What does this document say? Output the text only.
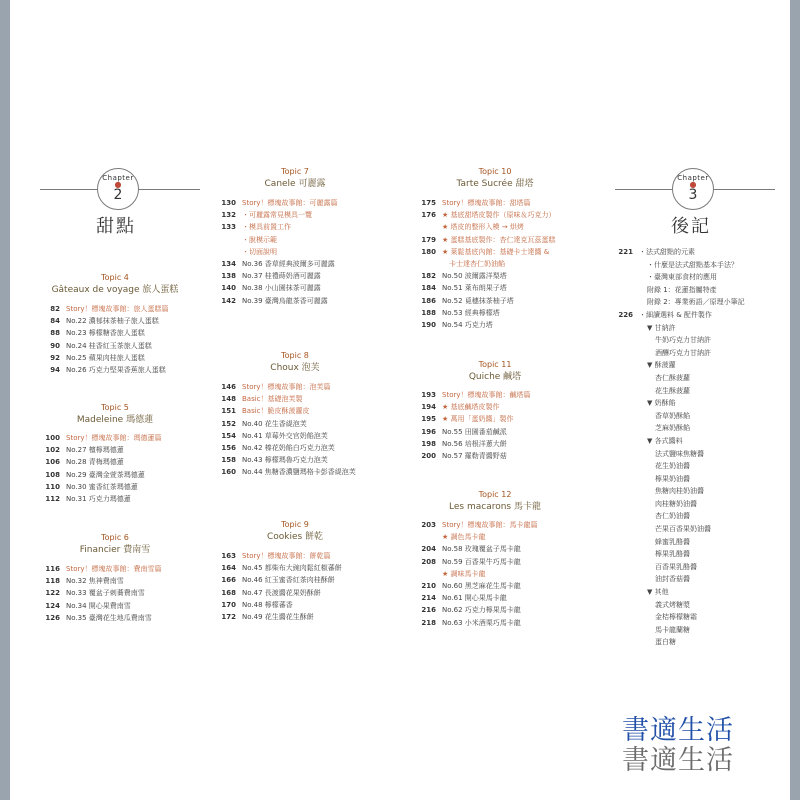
Chapter
●
2
甜點
Topic 4
Gâteaux de voyage 旅人蛋糕
82 Story！標塊故事館：旅人蛋糕篇
84 No.22 濃郁抹茶柚子旅人蛋糕
88 No.23 檸檬糖香旅人蛋糕
90 No.24 桂香紅玉茶旅人蛋糕
92 No.25 蘋果肉桂旅人蛋糕
94 No.26 巧克力堅果香蕉旅人蛋糕
Topic 5
Madeleine 瑪德蓮
100 Story！標塊故事館：瑪德蓮篇
102 No.27 檀檸瑪德蓮
106 No.28 青梅瑪德蓮
108 No.29 臺灣金萱茶瑪德蓮
110 No.30 蜜香紅茶瑪德蓮
112 No.31 巧克力瑪德蓮
Topic 6
Financier 費南雪
116 Story！標塊故事館：費南雪篇
118 No.32 焦神費南雪
122 No.33 覆盆子刺蕎費南雪
124 No.34 開心果費南雪
126 No.35 臺灣花生地瓜費南雪
Topic 7
Canele 可麗露
130 Story！標塊故事館：可麗露篇
132 ・可麗露常見模具一覽
133 ・模具前置工作
・脫模示範
・切面說明
134 No.36 香草經典波爾多可麗露
138 No.37 桂禮蒔奶酒可麗露
140 No.38 小山園抹茶可麗露
142 No.39 臺灣烏龍茶香可麗露
Topic 8
Choux 泡芙
146 Story！標塊故事館：泡芙篇
148 Basic！基礎泡芙製
151 Basic！脆皮酥菠蘿皮
152 No.40 花生香緹泡芙
154 No.41 草莓外交官奶餡泡芙
156 No.42 榛花奶餡白巧克力泡芙
158 No.43 檸檬瑪魯巧克力泡芙
160 No.44 焦糖香濃鹽瑪格卡彭香緹泡芙
Topic 9
Cookies 餅乾
163 Story！標塊故事館：餅乾篇
164 No.45 都柴布大豌肉鬆紅椒蕃餅
166 No.46 紅玉蜜香紅茶肉桂酥餅
168 No.47 長渡醬花果奶酥餅
170 No.48 檸檬蕃香
172 No.49 花生醬花生酥餅
Topic 10
Tarte Sucrée 甜塔
175 Story！標塊故事館：甜塔篇
176 ★ 基底甜塔皮製作（原味＆巧克力）
★ 塔皮的整形入模 → 烘烤
179 ★ 蛋糕基底製作：杏仁達克瓦茲蛋糕
180 ★ 萊鬆基底內館：基礎卡士達醬 &
　卡士達杏仁奶油餡
182 No.50 波爾露洋梨塔
184 No.51 萊布朗果子塔
186 No.52 覓穗抹茶柚子塔
188 No.53 經典檸檬塔
190 No.54 巧克力塔
Topic 11
Quiche 鹹塔
193 Story！標塊故事館：鹹塔篇
194 ★ 基底鹹塔皮製作
195 ★ 萬用「蛋奶醬」製作
196 No.55 田園番茄鹹派
198 No.56 培根洋蔥大餅
200 No.57 羅勒青醬野菇
Topic 12
Les macarons 馬卡龍
203 Story！標塊故事館：馬卡龍篇
★ 調色馬卡龍
204 No.58 玫瑰覆盆子馬卡龍
208 No.59 百香果牛巧馬卡龍
★ 調味馬卡龍
210 No.60 黑芝麻花生馬卡龍
214 No.61 開心果馬卡龍
216 No.62 巧克力檸果馬卡龍
218 No.63 小米酒栗巧馬卡龍
Chapter
●
3
後記
221 ・法式甜點的元素
・什麼是法式甜點基本手法？
・臺灣東部食材的應用
附錄 1：花蓮指屬特產
附錄 2：專業術語／原理小筆記
226 ・細讀選料 & 配件製作
▼ 甘納許
牛奶巧克力甘納許
酒釀巧克力甘納許
▼ 酥菠蘿
杏仁酥菠蘿
花生酥菠蘿
▼ 奶酥餡
香草奶酥餡
芝麻奶酥餡
▼ 各式醬料
法式鹽味焦糖醬
花生奶油醬
檸果奶油醬
焦糖肉桂奶油醬
肉桂糖奶油醬
杏仁奶油醬
芒果百香果奶油醬
蜂蜜乳酪醬
檸果乳酪醬
百香果乳酪醬
油封香菇醬
▼ 其他
義式烤糖漿
金桔檸檬糖霜
馬卡龍蘭糖
蛋白糖
書適生活
書適生活
